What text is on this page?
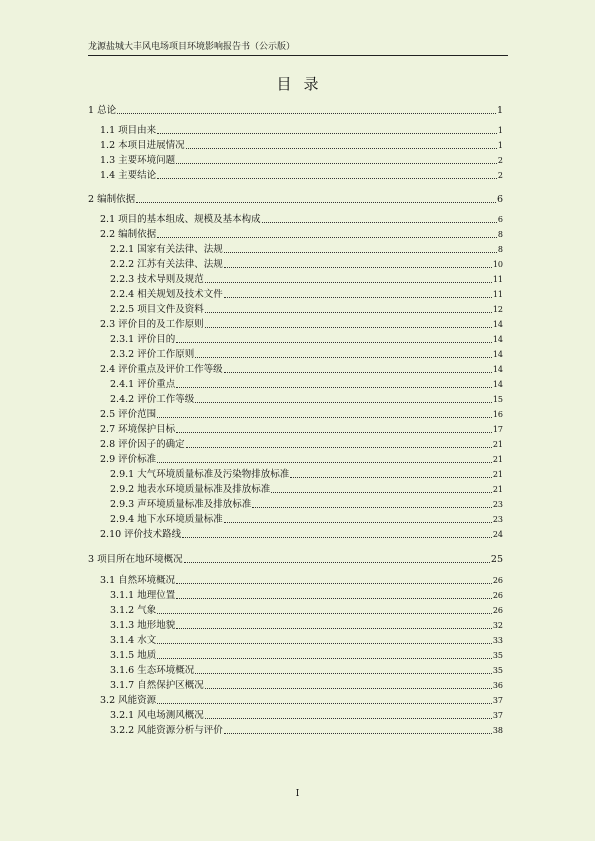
龙源盐城大丰风电场项目环境影响报告书（公示版）
目录
1 总论	1
1.1 项目由来	1
1.2 本项目进展情况	1
1.3 主要环境问题	2
1.4 主要结论	2
2 编制依据	6
2.1 项目的基本组成、规模及基本构成	6
2.2 编制依据	8
2.2.1 国家有关法律、法规	8
2.2.2 江苏有关法律、法规	10
2.2.3 技术导则及规范	11
2.2.4 相关规划及技术文件	11
2.2.5 项目文件及资料	12
2.3 评价目的及工作原则	14
2.3.1 评价目的	14
2.3.2 评价工作原则	14
2.4 评价重点及评价工作等级	14
2.4.1 评价重点	14
2.4.2 评价工作等级	15
2.5 评价范围	16
2.7 环境保护目标	17
2.8 评价因子的确定	21
2.9 评价标准	21
2.9.1 大气环境质量标准及污染物排放标准	21
2.9.2 地表水环境质量标准及排放标准	21
2.9.3 声环境质量标准及排放标准	23
2.9.4 地下水环境质量标准	23
2.10 评价技术路线	24
3 项目所在地环境概况	25
3.1 自然环境概况	26
3.1.1 地理位置	26
3.1.2 气象	26
3.1.3 地形地貌	32
3.1.4 水文	33
3.1.5 地质	35
3.1.6 生态环境概况	35
3.1.7 自然保护区概况	36
3.2 风能资源	37
3.2.1 风电场测风概况	37
3.2.2 风能资源分析与评价	38
I
